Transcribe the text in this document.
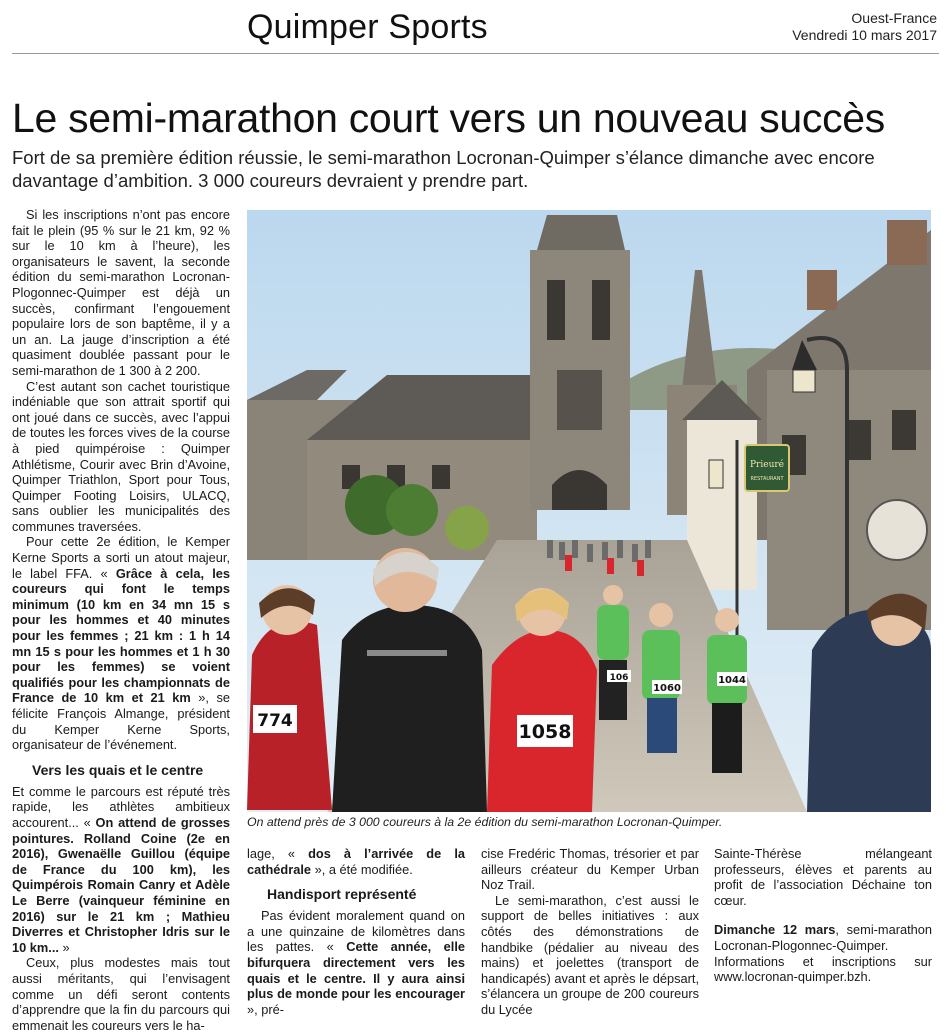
Quimper Sports	Ouest-France
Vendredi 10 mars 2017
Le semi-marathon court vers un nouveau succès

Fort de sa première édition réussie, le semi-marathon Locronan-Quimper s’élance dimanche avec encore davantage d’ambition. 3 000 coureurs devraient y prendre part.

Si les inscriptions n’ont pas encore fait le plein (95 % sur le 21 km, 92 % sur le 10 km à l’heure), les organisateurs le savent, la seconde édition du semi-marathon Locronan-Plogonnec-Quimper est déjà un succès, confirmant l’engouement populaire lors de son baptême, il y a un an. La jauge d’inscription a été quasiment doublée passant pour le semi-marathon de 1 300 à 2 200.

C’est autant son cachet touristique indéniable que son attrait sportif qui ont joué dans ce succès, avec l’appui de toutes les forces vives de la course à pied quimpéroise : Quimper Athlétisme, Courir avec Brin d’Avoine, Quimper Triathlon, Sport pour Tous, Quimper Footing Loisirs, ULACQ, sans oublier les municipalités des communes traversées.

Pour cette 2e édition, le Kemper Kerne Sports a sorti un atout majeur, le label FFA. « Grâce à cela, les coureurs qui font le temps minimum (10 km en 34 mn 15 s pour les hommes et 40 minutes pour les femmes ; 21 km : 1 h 14 mn 15 s pour les hommes et 1 h 30 pour les femmes) se voient qualifiés pour les championnats de France de 10 km et 21 km », se félicite François Almange, président du Kemper Kerne Sports, organisateur de l’événement.

Vers les quais et le centre

Et comme le parcours est réputé très rapide, les athlètes ambitieux accourent... « On attend de grosses pointures. Rolland Coine (2e en 2016), Gwenaëlle Guillou (équipe de France du 100 km), les Quimpérois Romain Canry et Adèle Le Berre (vainqueur féminine en 2016) sur le 21 km ; Mathieu Diverres et Christopher Idris sur le 10 km... »

Ceux, plus modestes mais tout aussi méritants, qui l’envisagent comme un défi seront contents d’apprendre que la fin du parcours qui emmenait les coureurs vers le ha-

Prieuré
RESTAURANT
1060
106	1044
774	1058
On attend près de 3 000 coureurs à la 2e édition du semi-marathon Locronan-Quimper.

lage, « dos à l’arrivée de la cathédrale », a été modifiée.

Handisport représenté

Pas évident moralement quand on a une quinzaine de kilomètres dans les pattes. « Cette année, elle bifurquera directement vers les quais et le centre. Il y aura ainsi plus de monde pour les encourager », pré-

cise Fredéric Thomas, trésorier et par ailleurs créateur du Kemper Urban Noz Trail.

Le semi-marathon, c’est aussi le support de belles initiatives : aux côtés des démonstrations de handbike (pédalier au niveau des mains) et joelettes (transport de handicapés) avant et après le dépsart, s’élancera un groupe de 200 coureurs du Lycée

Sainte-Thérèse mélangeant professeurs, élèves et parents au profit de l’association Déchaine ton cœur.

Dimanche 12 mars, semi-marathon Locronan-Plogonnec-Quimper. Informations et inscriptions sur www.locronan-quimper.bzh.
